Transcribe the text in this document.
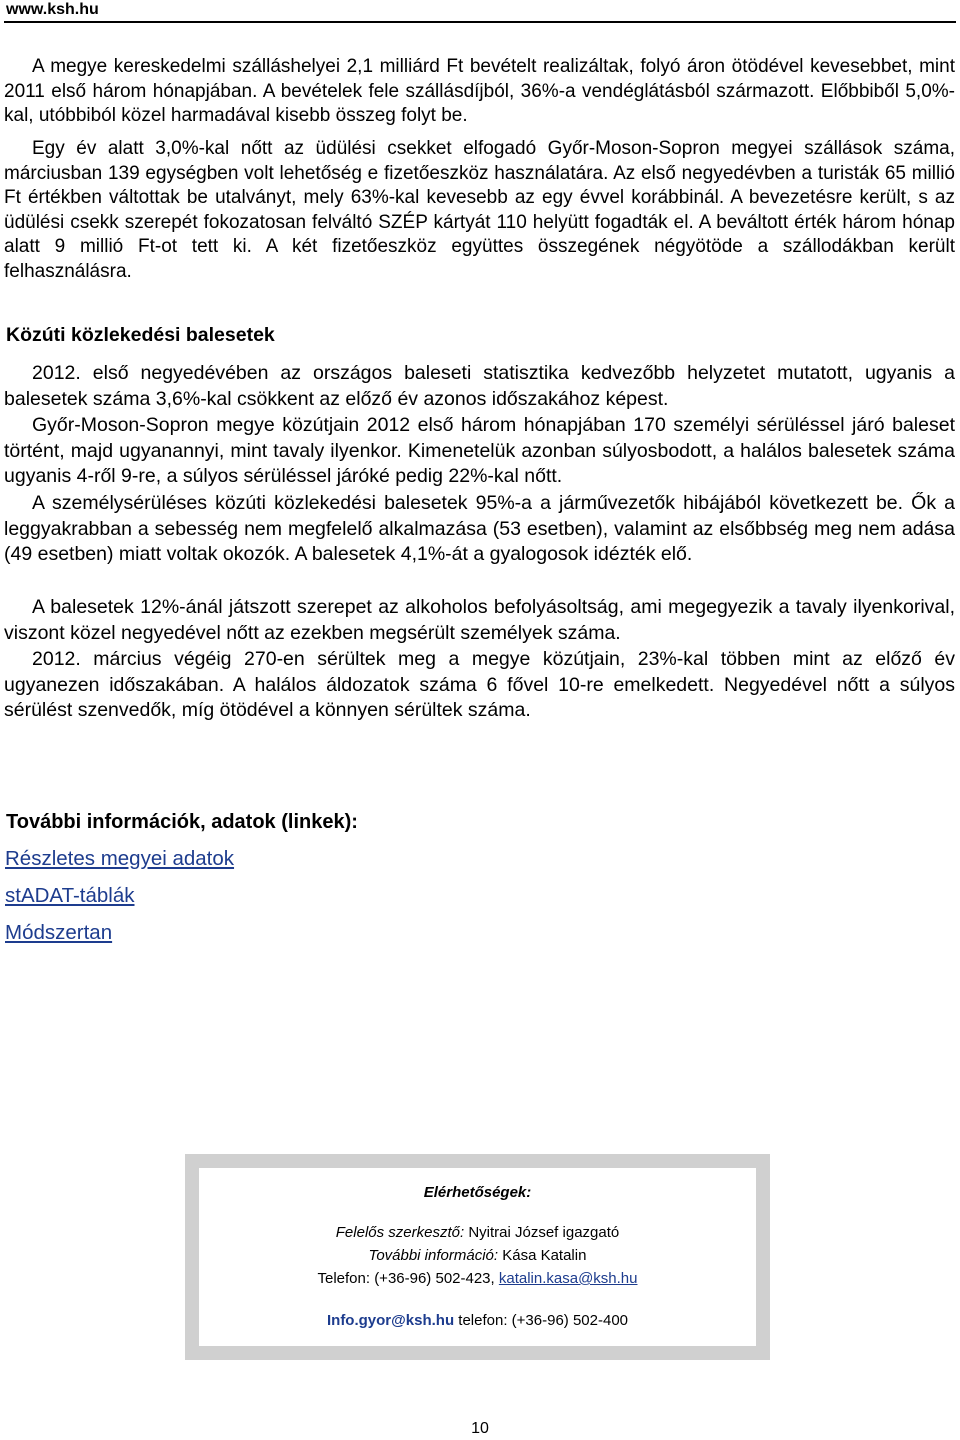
www.ksh.hu

A megye kereskedelmi szálláshelyei 2,1 milliárd Ft bevételt realizáltak, folyó áron ötödével kevesebbet, mint 2011 első három hónapjában. A bevételek fele szállásdíjból, 36%-a vendéglátásból származott. Előbbiből 5,0%-kal, utóbbiból közel harmadával kisebb összeg folyt be.

Egy év alatt 3,0%-kal nőtt az üdülési csekket elfogadó Győr-Moson-Sopron megyei szállások száma, márciusban 139 egységben volt lehetőség e fizetőeszköz használatára. Az első negyedévben a turisták 65 millió Ft értékben váltottak be utalványt, mely 63%-kal kevesebb az egy évvel korábbinál. A bevezetésre került, s az üdülési csekk szerepét fokozatosan felváltó SZÉP kártyát 110 helyütt fogadták el. A beváltott érték három hónap alatt 9 millió Ft-ot tett ki. A két fizetőeszköz együttes összegének négyötöde a szállodákban került felhasználásra.

Közúti közlekedési balesetek

2012. első negyedévében az országos baleseti statisztika kedvezőbb helyzetet mutatott, ugyanis a balesetek száma 3,6%-kal csökkent az előző év azonos időszakához képest.

Győr-Moson-Sopron megye közútjain 2012 első három hónapjában 170 személyi sérüléssel járó baleset történt, majd ugyanannyi, mint tavaly ilyenkor. Kimenetelük azonban súlyosbodott, a halálos balesetek száma ugyanis 4-ről 9-re, a súlyos sérüléssel járóké pedig 22%-kal nőtt.

A személysérüléses közúti közlekedési balesetek 95%-a a járművezetők hibájából következett be. Ők a leggyakrabban a sebesség nem megfelelő alkalmazása (53 esetben), valamint az elsőbbség meg nem adása (49 esetben) miatt voltak okozók. A balesetek 4,1%-át a gyalogosok idézték elő.

A balesetek 12%-ánál játszott szerepet az alkoholos befolyásoltság, ami megegyezik a tavaly ilyenkorival, viszont közel negyedével nőtt az ezekben megsérült személyek száma.

2012. március végéig 270-en sérültek meg a megye közútjain, 23%-kal többen mint az előző év ugyanezen időszakában. A halálos áldozatok száma 6 fővel 10-re emelkedett. Negyedével nőtt a súlyos sérülést szenvedők, míg ötödével a könnyen sérültek száma.

További információk, adatok (linkek):
Részletes megyei adatok
stADAT-táblák
Módszertan
Elérhetőségek:
Felelős szerkesztő: Nyitrai József igazgató
További információ: Kása Katalin
Telefon: (+36-96) 502-423, katalin.kasa@ksh.hu
Info.gyor@ksh.hu telefon: (+36-96) 502-400
10
